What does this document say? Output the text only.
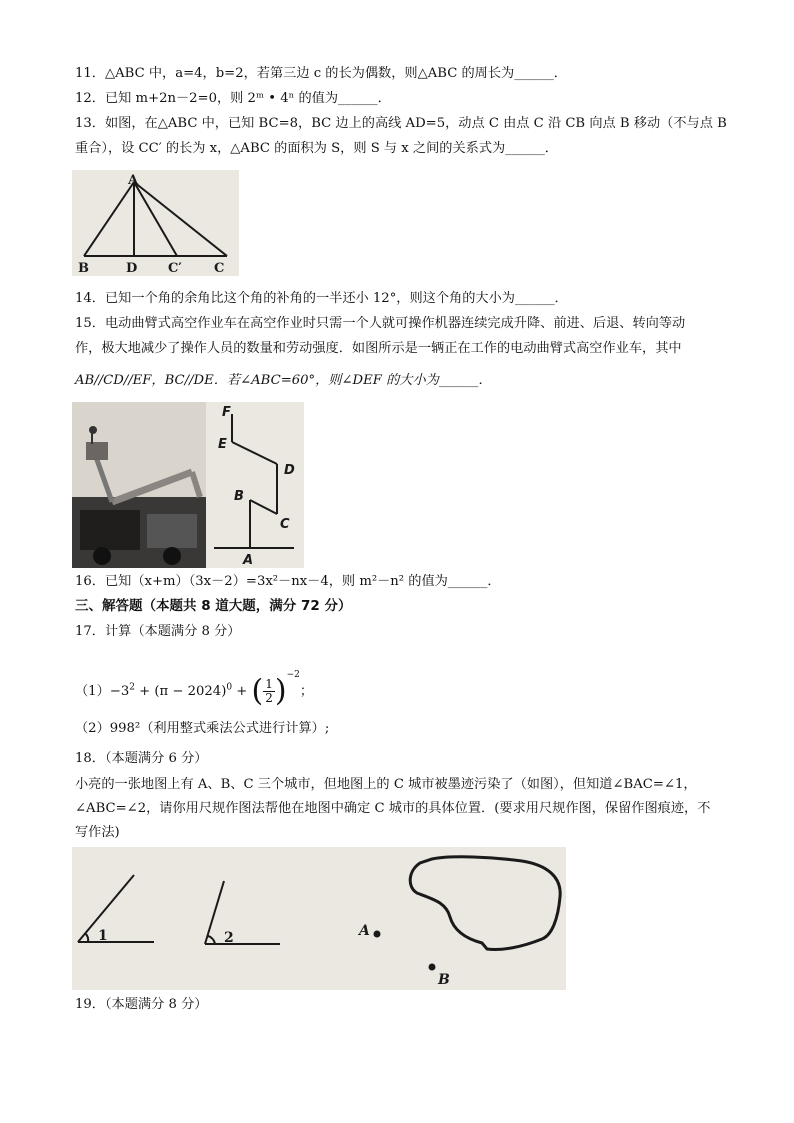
11．△ABC 中，a=4，b=2，若第三边 c 的长为偶数，则△ABC 的周长为______．
12．已知 m+2n－2=0，则 2ᵐ • 4ⁿ 的值为______．
13．如图，在△ABC 中，已知 BC=8，BC 边上的高线 AD=5，动点 C 由点 C 沿 CB 向点 B 移动（不与点 B
重合），设 CC′ 的长为 x，△ABC 的面积为 S，则 S 与 x 之间的关系式为______．
A
B	D C′ C
14．已知一个角的余角比这个角的补角的一半还小 12°，则这个角的大小为______．
15．电动曲臂式高空作业车在高空作业时只需一个人就可操作机器连续完成升降、前进、后退、转向等动
作，极大地减少了操作人员的数量和劳动强度．如图所示是一辆正在工作的电动曲臂式高空作业车，其中
AB//CD//EF，BC//DE．若∠ABC=60°，则∠DEF 的大小为______．
F
E
D
B
C
A
16．已知（x+m）（3x－2）=3x²－nx－4，则 m²－n² 的值为______．
三、解答题（本题共 8 道大题，满分 72 分）
17．计算（本题满分 8 分）
$(1)-3^2 + (\pi - 2024)^0$ + ( $\frac{1}{2} )^{-2}$；
（2）998²（利用整式乘法公式进行计算）;
18．（本题满分 6 分）
小亮的一张地图上有 A、B、C 三个城市，但地图上的 C 城市被墨迹污染了（如图），但知道∠BAC=∠1，∠ABC=∠2，请你用尺规作图法帮他在地图中确定 C 城市的具体位置．(要求用尺规作图，保留作图痕迹，不写作法)
1	2	A
B
19．（本题满分 8 分）
